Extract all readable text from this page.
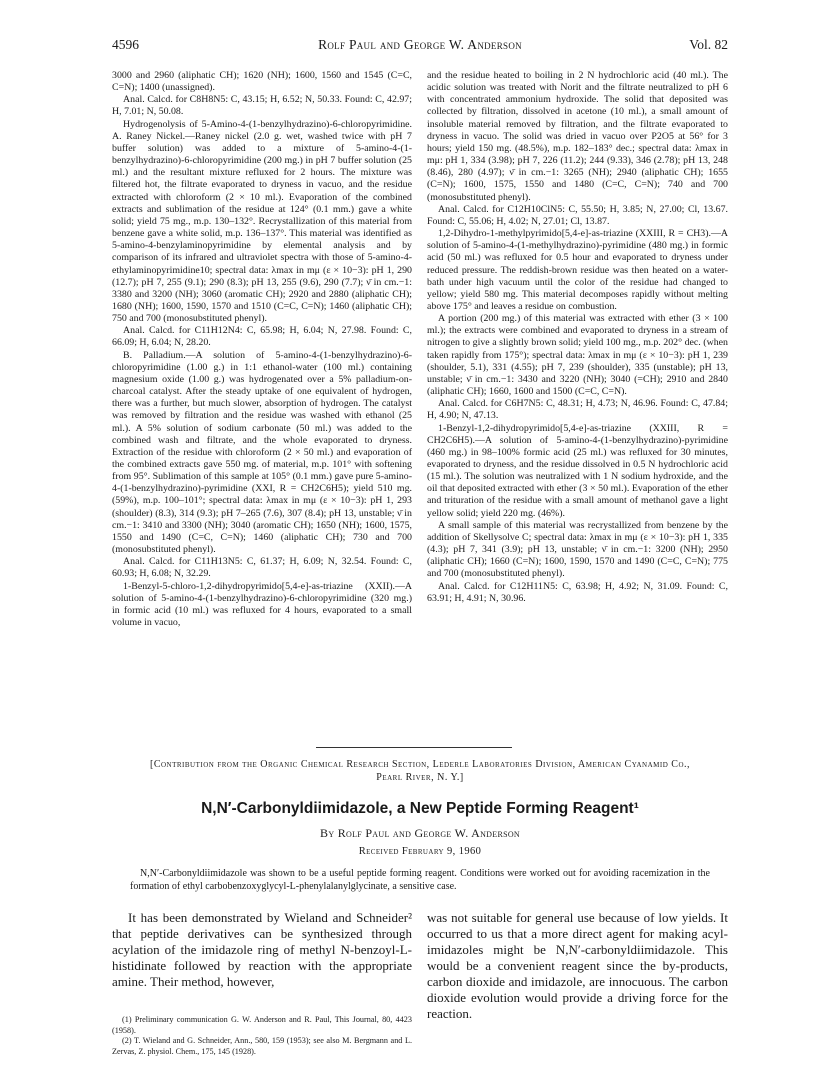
4596	Rolf Paul and George W. Anderson	Vol. 82

3000 and 2960 (aliphatic CH); 1620 (NH); 1600, 1560 and 1545 (C=C, C=N); 1400 (unassigned).

Anal. Calcd. for C8H8N5: C, 43.15; H, 6.52; N, 50.33. Found: C, 42.97; H, 7.01; N, 50.08.

Hydrogenolysis of 5-Amino-4-(1-benzylhydrazino)-6-chloropyrimidine. A. Raney Nickel.—Raney nickel (2.0 g. wet, washed twice with pH 7 buffer solution) was added to a mixture of 5-amino-4-(1-benzylhydrazino)-6-chloropyrimidine (200 mg.) in pH 7 buffer solution (25 ml.) and the resultant mixture refluxed for 2 hours. The mixture was filtered hot, the filtrate evaporated to dryness in vacuo, and the residue extracted with chloroform (2 × 10 ml.). Evaporation of the combined extracts and sublimation of the residue at 124° (0.1 mm.) gave a white solid; yield 75 mg., m.p. 130–132°. Recrystallization of this material from benzene gave a white solid, m.p. 136–137°. This material was identified as 5-amino-4-benzylaminopyrimidine by elemental analysis and by comparison of its infrared and ultraviolet spectra with those of 5-amino-4-ethylaminopyrimidine10; spectral data: λmax in mμ (ε × 10−3): pH 1, 290 (12.7); pH 7, 255 (9.1); 290 (8.3); pH 13, 255 (9.6), 290 (7.7); ν̄ in cm.−1: 3380 and 3200 (NH); 3060 (aromatic CH); 2920 and 2880 (aliphatic CH); 1680 (NH); 1600, 1590, 1570 and 1510 (C=C, C=N); 1460 (aliphatic CH); 750 and 700 (monosubstituted phenyl).

Anal. Calcd. for C11H12N4: C, 65.98; H, 6.04; N, 27.98. Found: C, 66.09; H, 6.04; N, 28.20.

B. Palladium.—A solution of 5-amino-4-(1-benzylhydrazino)-6-chloropyrimidine (1.00 g.) in 1:1 ethanol-water (100 ml.) containing magnesium oxide (1.00 g.) was hydrogenated over a 5% palladium-on-charcoal catalyst. After the steady uptake of one equivalent of hydrogen, there was a further, but much slower, absorption of hydrogen. The catalyst was removed by filtration and the residue was washed with ethanol (25 ml.). A 5% solution of sodium carbonate (50 ml.) was added to the combined wash and filtrate, and the whole evaporated to dryness. Extraction of the residue with chloroform (2 × 50 ml.) and evaporation of the combined extracts gave 550 mg. of material, m.p. 101° with softening from 95°. Sublimation of this sample at 105° (0.1 mm.) gave pure 5-amino-4-(1-benzylhydrazino)-pyrimidine (XXI, R = CH2C6H5); yield 510 mg. (59%), m.p. 100–101°; spectral data: λmax in mμ (ε × 10−3): pH 1, 293 (shoulder) (8.3), 314 (9.3); pH 7–265 (7.6), 307 (8.4); pH 13, unstable; ν̄ in cm.−1: 3410 and 3300 (NH); 3040 (aromatic CH); 1650 (NH); 1600, 1575, 1550 and 1490 (C=C, C=N); 1460 (aliphatic CH); 730 and 700 (monosubstituted phenyl).

Anal. Calcd. for C11H13N5: C, 61.37; H, 6.09; N, 32.54. Found: C, 60.93; H, 6.08; N, 32.29.

1-Benzyl-5-chloro-1,2-dihydropyrimido[5,4-e]-as-triazine (XXII).—A solution of 5-amino-4-(1-benzylhydrazino)-6-chloropyrimidine (320 mg.) in formic acid (10 ml.) was refluxed for 4 hours, evaporated to a small volume in vacuo,

and the residue heated to boiling in 2 N hydrochloric acid (40 ml.). The acidic solution was treated with Norit and the filtrate neutralized to pH 6 with concentrated ammonium hydroxide. The solid that deposited was collected by filtration, dissolved in acetone (10 ml.), a small amount of insoluble material removed by filtration, and the filtrate evaporated to dryness in vacuo. The solid was dried in vacuo over P2O5 at 56° for 3 hours; yield 150 mg. (48.5%), m.p. 182–183° dec.; spectral data: λmax in mμ: pH 1, 334 (3.98); pH 7, 226 (11.2); 244 (9.33), 346 (2.78); pH 13, 248 (8.46), 280 (4.97); ν̄ in cm.−1: 3265 (NH); 2940 (aliphatic CH); 1655 (C=N); 1600, 1575, 1550 and 1480 (C=C, C=N); 740 and 700 (monosubstituted phenyl).

Anal. Calcd. for C12H10ClN5: C, 55.50; H, 3.85; N, 27.00; Cl, 13.67. Found: C, 55.06; H, 4.02; N, 27.01; Cl, 13.87.

1,2-Dihydro-1-methylpyrimido[5,4-e]-as-triazine (XXIII, R = CH3).—A solution of 5-amino-4-(1-methylhydrazino)-pyrimidine (480 mg.) in formic acid (50 ml.) was refluxed for 0.5 hour and evaporated to dryness under reduced pressure. The reddish-brown residue was then heated on a water-bath under high vacuum until the color of the residue had changed to yellow; yield 580 mg. This material decomposes rapidly without melting above 175° and leaves a residue on combustion.

A portion (200 mg.) of this material was extracted with ether (3 × 100 ml.); the extracts were combined and evaporated to dryness in a stream of nitrogen to give a slightly brown solid; yield 100 mg., m.p. 202° dec. (when taken rapidly from 175°); spectral data: λmax in mμ (ε × 10−3): pH 1, 239 (shoulder, 5.1), 331 (4.55); pH 7, 239 (shoulder), 335 (unstable); pH 13, unstable; ν̄ in cm.−1: 3430 and 3220 (NH); 3040 (=CH); 2910 and 2840 (aliphatic CH); 1660, 1600 and 1500 (C=C, C=N).

Anal. Calcd. for C6H7N5: C, 48.31; H, 4.73; N, 46.96. Found: C, 47.84; H, 4.90; N, 47.13.

1-Benzyl-1,2-dihydropyrimido[5,4-e]-as-triazine (XXIII, R = CH2C6H5).—A solution of 5-amino-4-(1-benzylhydrazino)-pyrimidine (460 mg.) in 98–100% formic acid (25 ml.) was refluxed for 30 minutes, evaporated to dryness, and the residue dissolved in 0.5 N hydrochloric acid (15 ml.). The solution was neutralized with 1 N sodium hydroxide, and the oil that deposited extracted with ether (3 × 50 ml.). Evaporation of the ether and trituration of the residue with a small amount of methanol gave a light yellow solid; yield 220 mg. (46%).

A small sample of this material was recrystallized from benzene by the addition of Skellysolve C; spectral data: λmax in mμ (ε × 10−3): pH 1, 335 (4.3); pH 7, 341 (3.9); pH 13, unstable; ν̄ in cm.−1: 3200 (NH); 2950 (aliphatic CH); 1660 (C=N); 1600, 1590, 1570 and 1490 (C=C, C=N); 775 and 700 (monosubstituted phenyl).

Anal. Calcd. for C12H11N5: C, 63.98; H, 4.92; N, 31.09. Found: C, 63.91; H, 4.91; N, 30.96.

[Contribution from the Organic Chemical Research Section, Lederle Laboratories Division, American Cyanamid Co., Pearl River, N. Y.]
N,N′-Carbonyldiimidazole, a New Peptide Forming Reagent¹
By Rolf Paul and George W. Anderson
Received February 9, 1960

N,N′-Carbonyldiimidazole was shown to be a useful peptide forming reagent. Conditions were worked out for avoiding racemization in the formation of ethyl carbobenzoxyglycyl-L-phenylalanylglycinate, a sensitive case.

It has been demonstrated by Wieland and Schneider² that peptide derivatives can be synthesized through acylation of the imidazole ring of methyl N-benzoyl-L-histidinate followed by reaction with the appropriate amine. Their method, however,

was not suitable for general use because of low yields. It occurred to us that a more direct agent for making acyl-imidazoles might be N,N′-carbonyldiimidazole. This would be a convenient reagent since the by-products, carbon dioxide and imidazole, are innocuous. The carbon dioxide evolution would provide a driving force for the reaction.

(1) Preliminary communication G. W. Anderson and R. Paul, This Journal, 80, 4423 (1958).

(2) T. Wieland and G. Schneider, Ann., 580, 159 (1953); see also M. Bergmann and L. Zervas, Z. physiol. Chem., 175, 145 (1928).
